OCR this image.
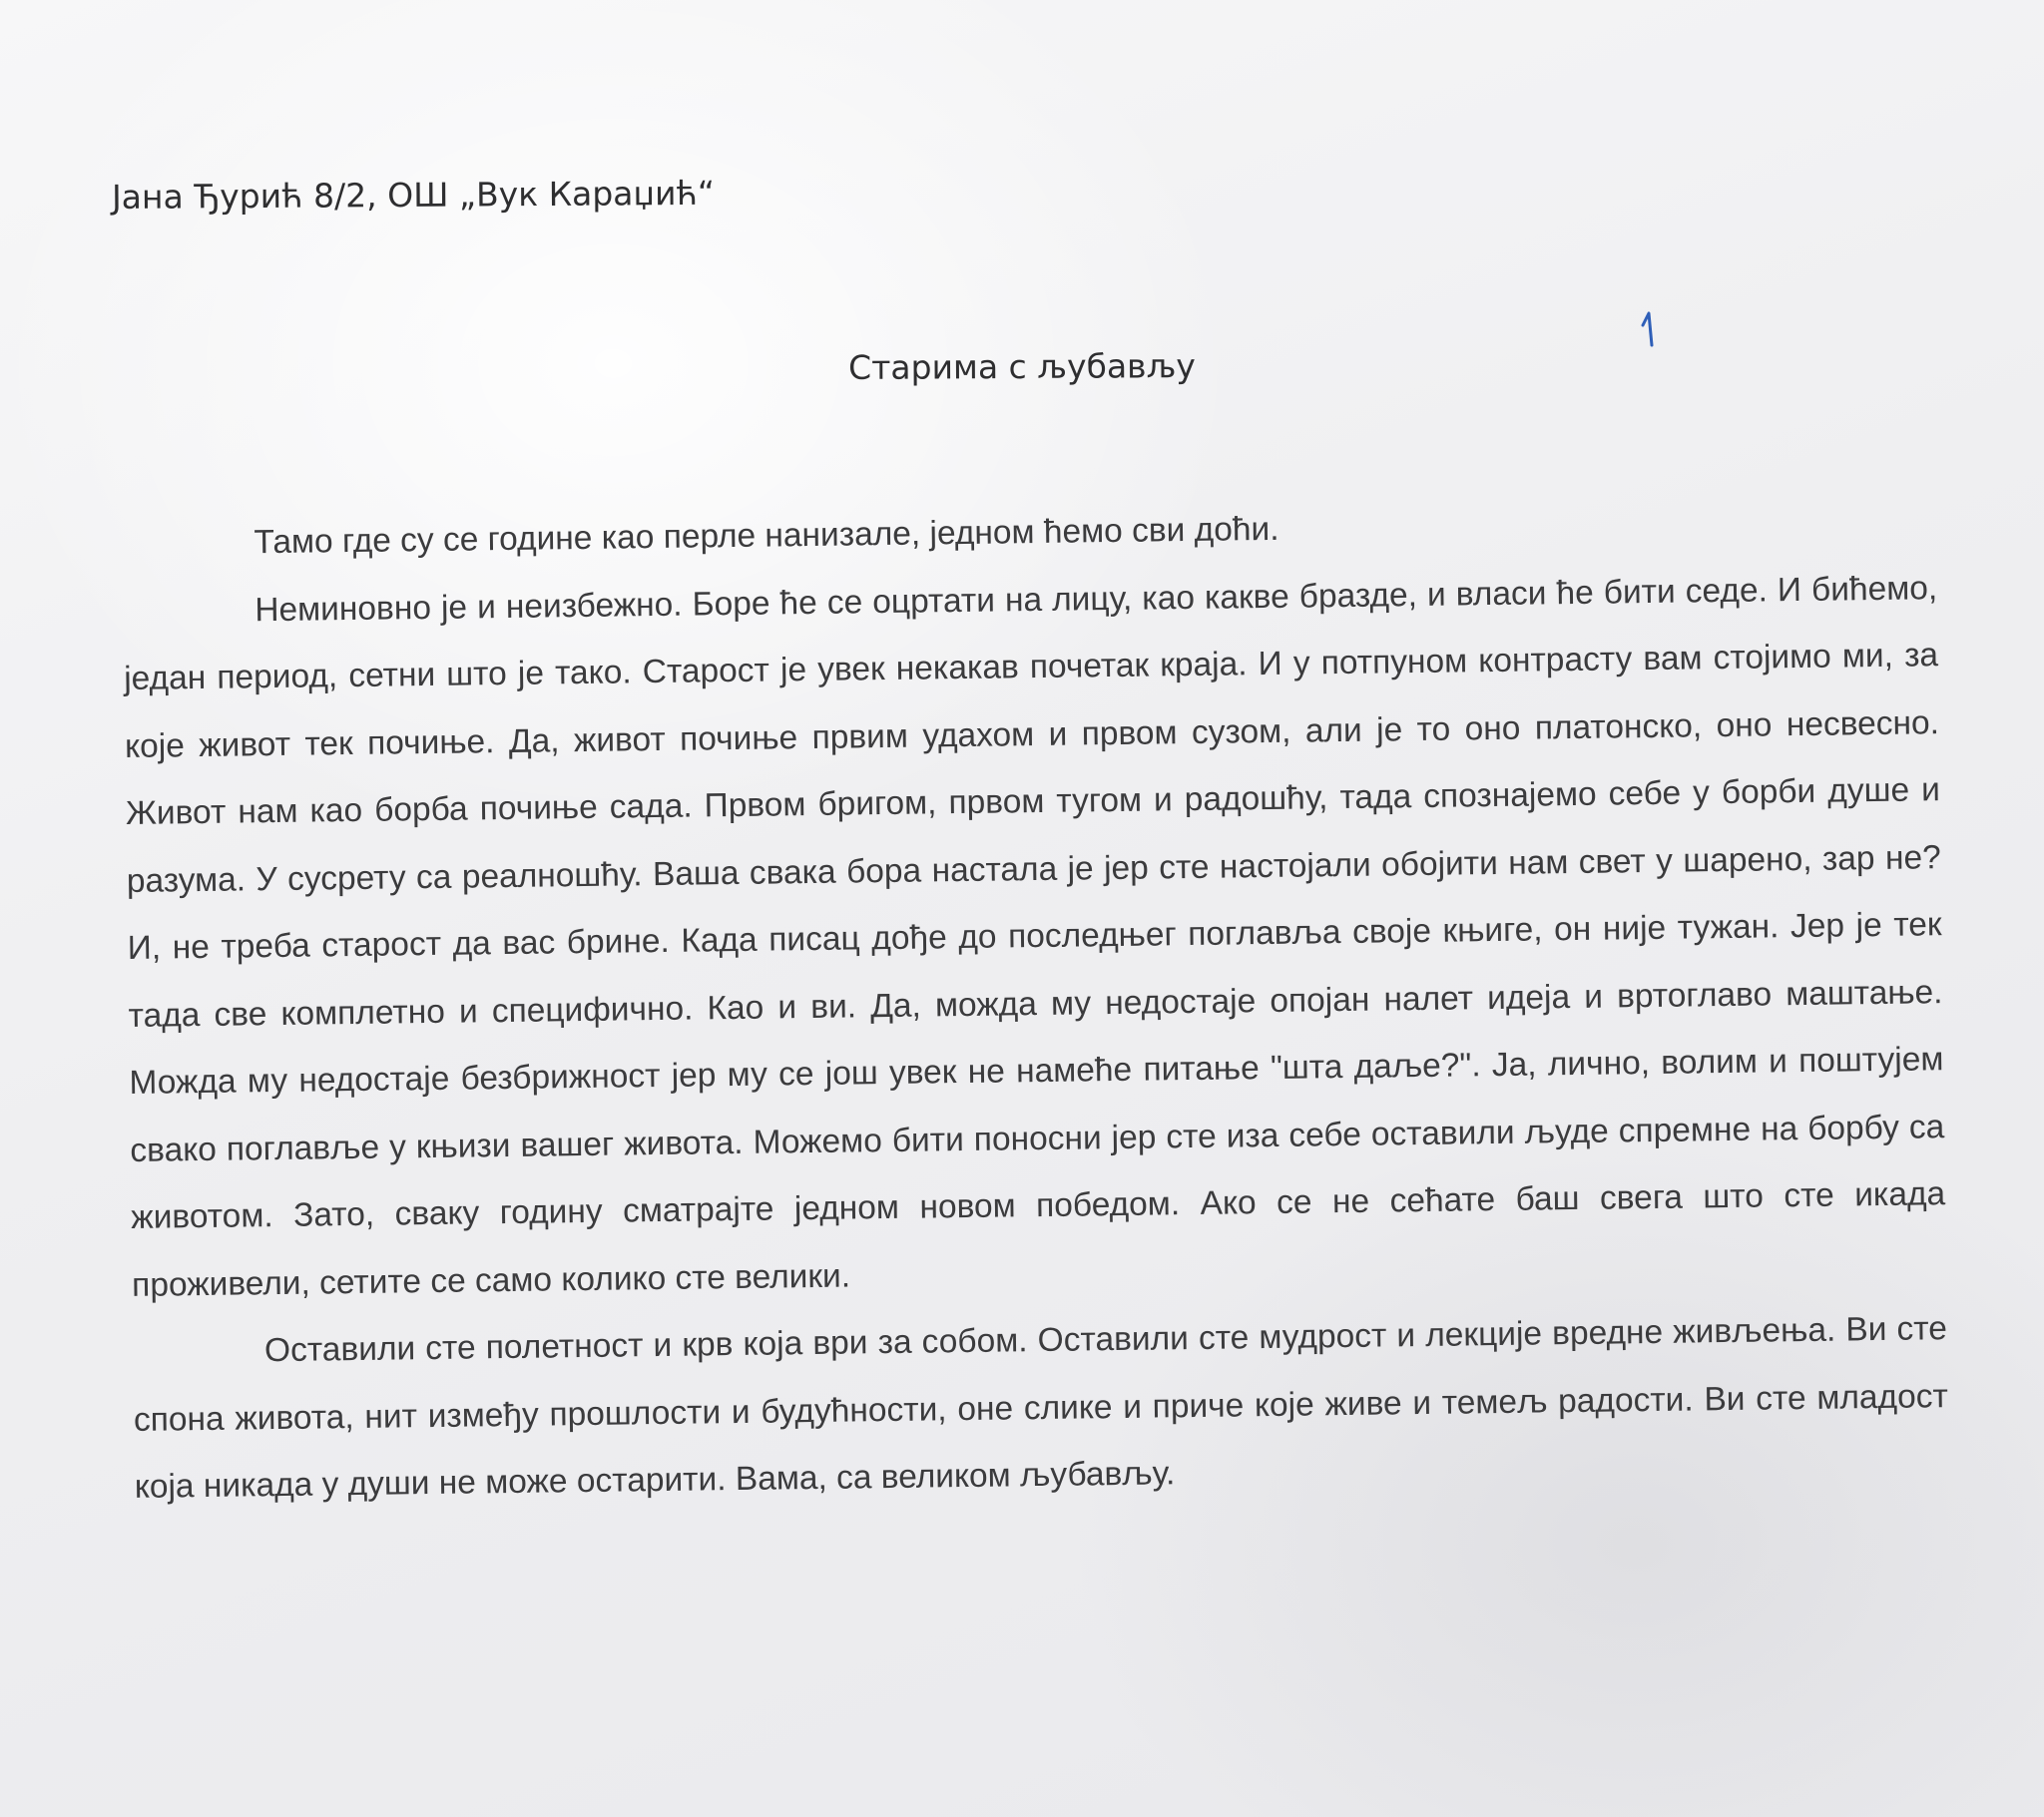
Јана Ђурић 8/2, ОШ „Вук Караџић“
Старима с љубављу

Тамо где су се године као перле нанизале, једном ћемо сви доћи.

Неминовно је и неизбежно. Боре ће се оцртати на лицу, као какве бразде, и власи ће бити седе. И бићемо, један период, сетни што је тако. Старост је увек некакав почетак краја. И у потпуном контрасту вам стојимо ми, за које живот тек почиње. Да, живот почиње првим удахом и првом сузом, али је то оно платонско, оно несвесно. Живот нам као борба почиње сада. Првом бригом, првом тугом и радошћу, тада спознајемо себе у борби душе и разума. У сусрету са реалношћу. Ваша свака бора настала је јер сте настојали обојити нам свет у шарено, зар не? И, не треба старост да вас брине. Када писац дође до последњег поглавља своје књиге, он није тужан. Јер је тек тада све комплетно и специфично. Као и ви. Да, можда му недостаје опојан налет идеја и вртоглаво маштање. Можда му недостаје безбрижност јер му се још увек не намеће питање "шта даље?". Ја, лично, волим и поштујем свако поглавље у књизи вашег живота. Можемо бити поносни јер сте иза себе оставили људе спремне на борбу са животом. Зато, сваку годину сматрајте једном новом победом. Ако се не сећате баш свега што сте икада проживели, сетите се само колико сте велики.

Оставили сте полетност и крв која ври за собом. Оставили сте мудрост и лекције вредне живљења. Ви сте спона живота, нит између прошлости и будућности, оне слике и приче које живе и темељ радости. Ви сте младост која никада у души не може остарити. Вама, са великом љубављу.
